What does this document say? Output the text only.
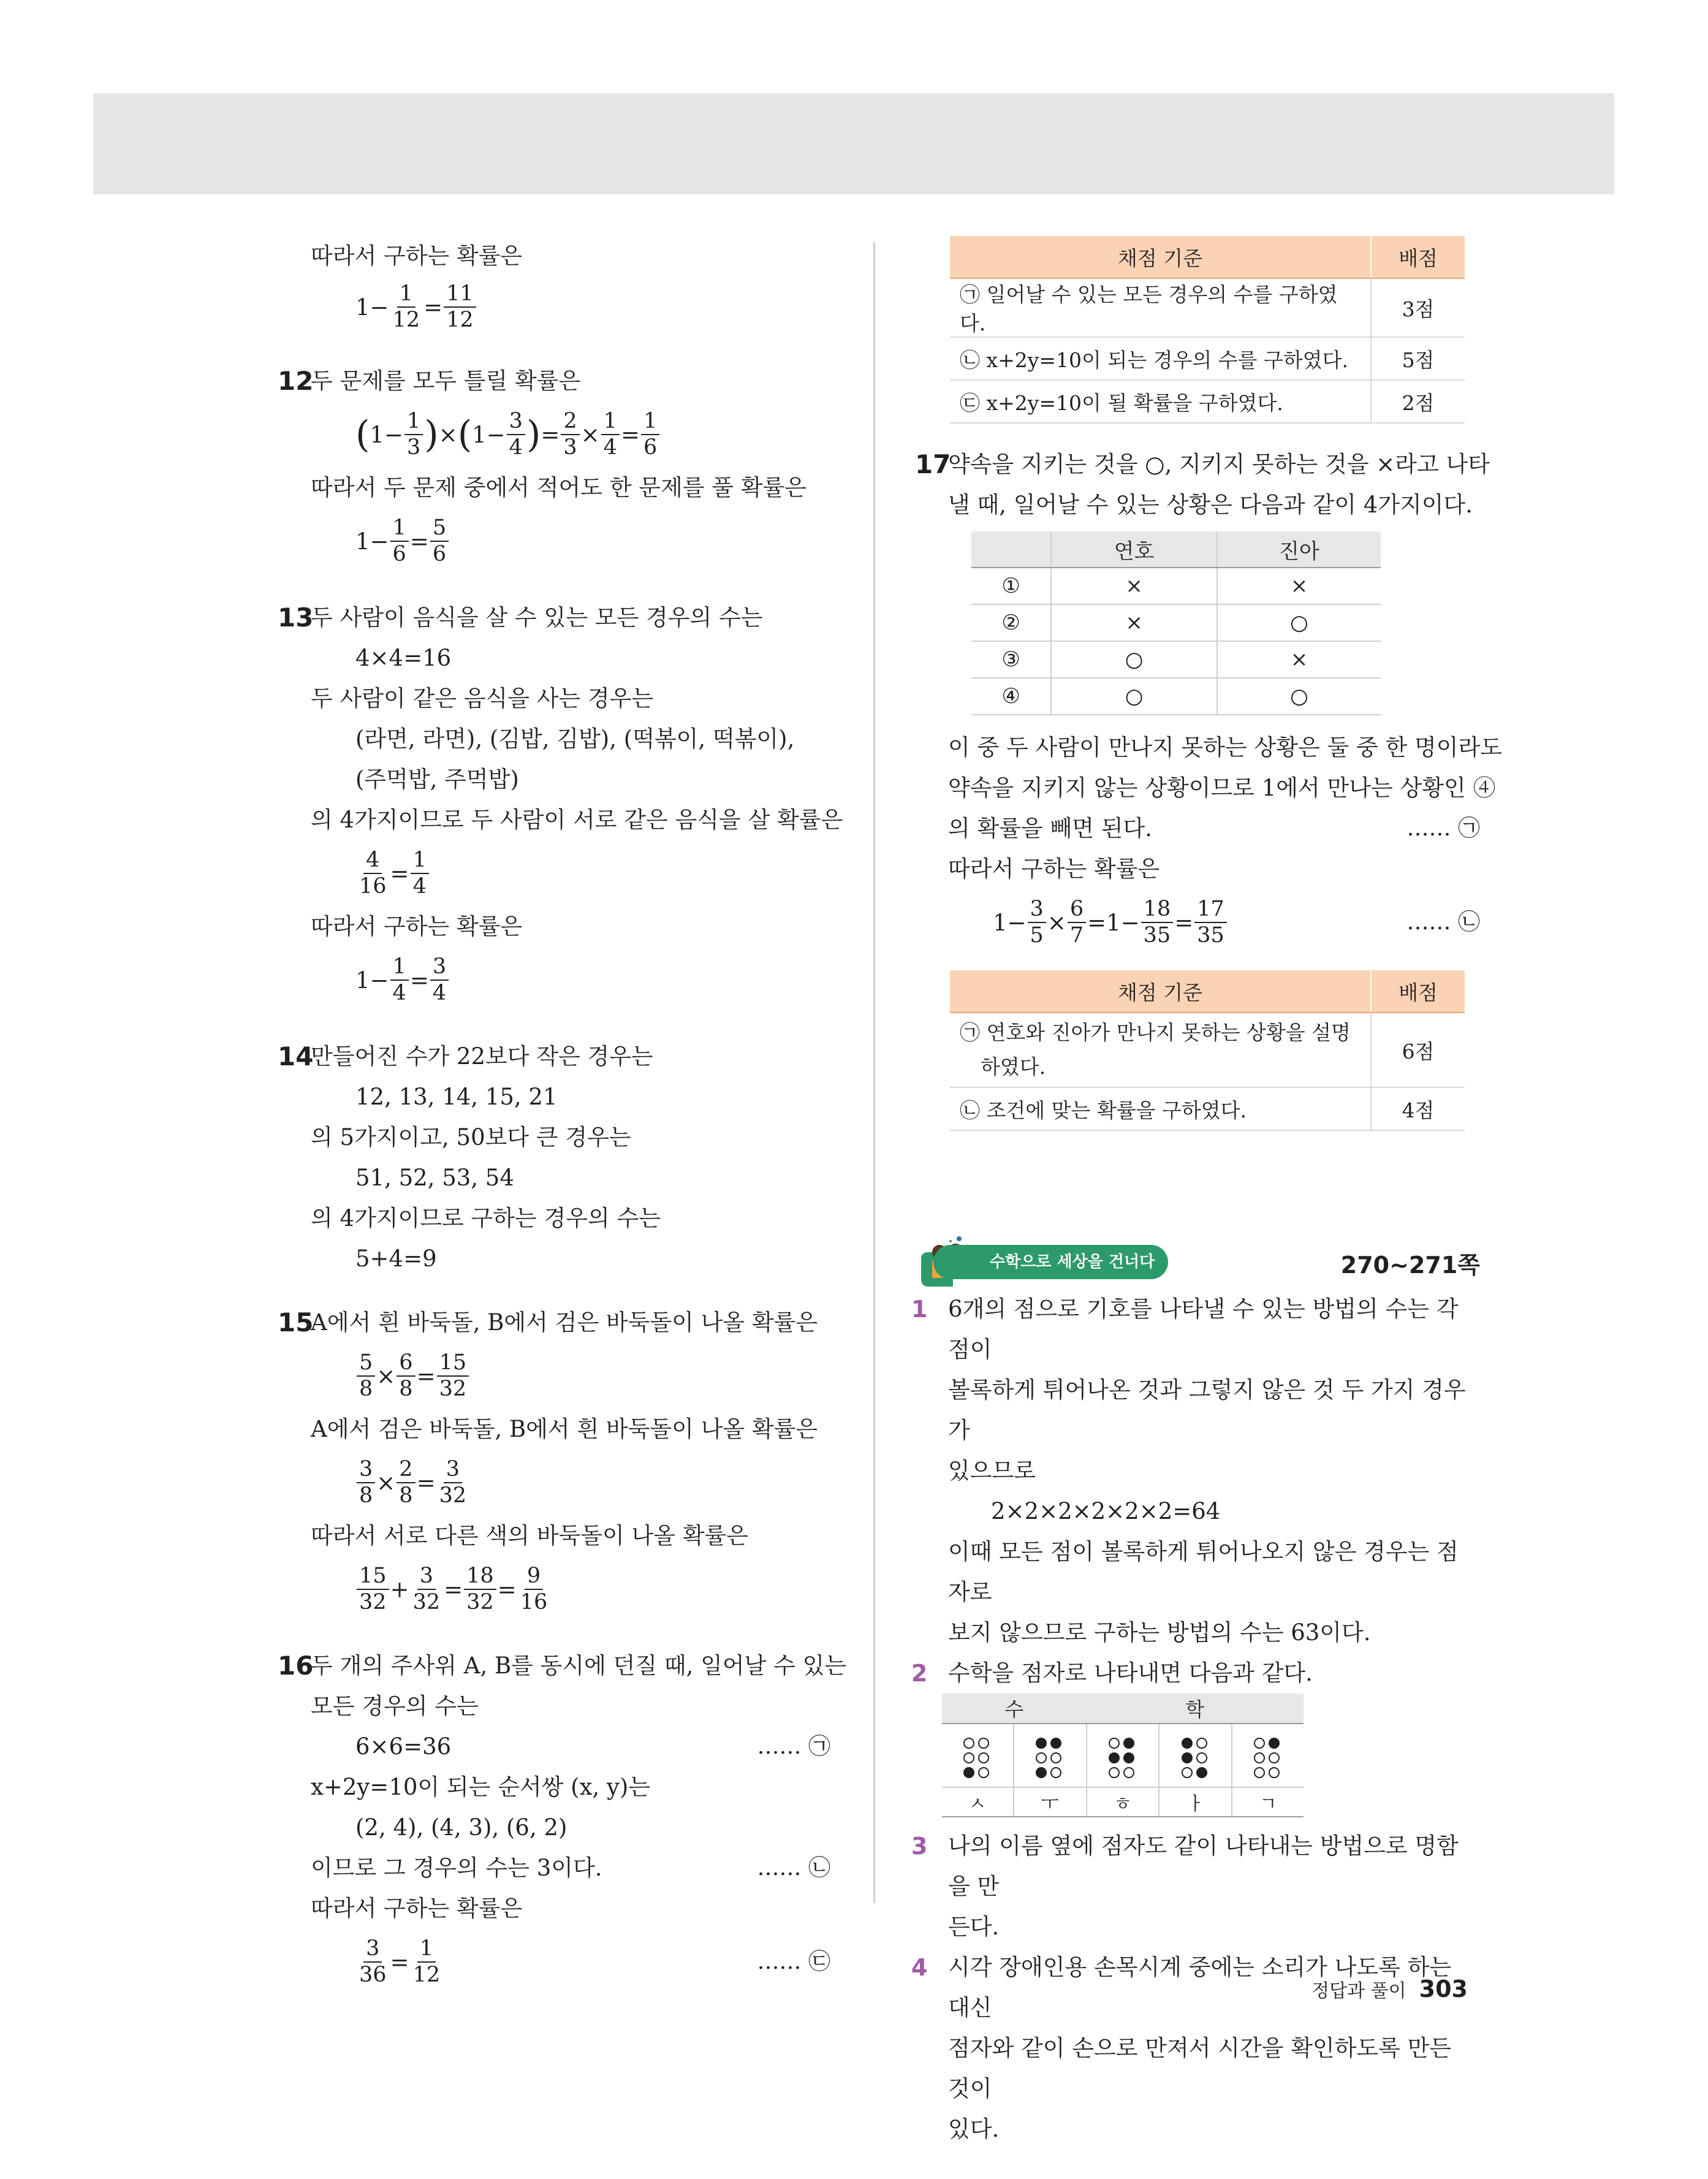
따라서 구하는 확률은
$1- \frac{1}{12} = \frac{11}{12}$
12
두 문제를 모두 틀릴 확률은
( $1- \frac{1}{3}$ ) × ( $1- \frac{3}{4}$ ) = $\frac{2}{3} \times \frac{1}{4} = \frac{1}{6}$
따라서 두 문제 중에서 적어도 한 문제를 풀 확률은
$1- \frac{1}{6} = \frac{5}{6}$
13
두 사람이 음식을 살 수 있는 모든 경우의 수는
4×4=16
두 사람이 같은 음식을 사는 경우는
(라면, 라면), (김밥, 김밥), (떡볶이, 떡볶이),
(주먹밥, 주먹밥)
의 4가지이므로 두 사람이 서로 같은 음식을 살 확률은
$\frac{4}{16} = \frac{1}{4}$
따라서 구하는 확률은
$1- \frac{1}{4} = \frac{3}{4}$
14
만들어진 수가 22보다 작은 경우는
12, 13, 14, 15, 21
의 5가지이고, 50보다 큰 경우는
51, 52, 53, 54
의 4가지이므로 구하는 경우의 수는
5+4=9
15
A에서 흰 바둑돌, B에서 검은 바둑돌이 나올 확률은
$\frac{5}{8} \times \frac{6}{8} = \frac{15}{32}$
A에서 검은 바둑돌, B에서 흰 바둑돌이 나올 확률은
$\frac{3}{8} \times \frac{2}{8} = \frac{3}{32}$
따라서 서로 다른 색의 바둑돌이 나올 확률은
$\frac{15}{32} + \frac{3}{32} = \frac{18}{32} = \frac{9}{16}$
16
두 개의 주사위 A, B를 동시에 던질 때, 일어날 수 있는
모든 경우의 수는
6×6=36	…… ㉠
x+2y=10이 되는 순서쌍 (x, y)는
(2, 4), (4, 3), (6, 2)
이므로 그 경우의 수는 3이다.	…… ㉡
따라서 구하는 확률은
$\frac{3}{36} = \frac{1}{12}$	…… ㉢
채점 기준	배점
㉠ 일어날 수 있는 모든 경우의 수를 구하였다.	3점
㉡ x+2y=10이 되는 경우의 수를 구하였다.	5점
㉢ x+2y=10이 될 확률을 구하였다.	2점
17
약속을 지키는 것을 ○, 지키지 못하는 것을 ×라고 나타
낼 때, 일어날 수 있는 상황은 다음과 같이 4가지이다.
	연호	진아
①	×	×
②	×	○
③	○	×
④	○	○
이 중 두 사람이 만나지 못하는 상황은 둘 중 한 명이라도
약속을 지키지 않는 상황이므로 1에서 만나는 상황인 ④
의 확률을 빼면 된다.	…… ㉠
따라서 구하는 확률은
$1- \frac{3}{5} \times \frac{6}{7} =1- \frac{18}{35} = \frac{17}{35}$	…… ㉡
채점 기준	배점
㉠ 연호와 진아가 만나지 못하는 상황을 설명
하였다.	6점
㉡ 조건에 맞는 확률을 구하였다.	4점
수학으로 세상을 건너다	270~271쪽
1 6개의 점으로 기호를 나타낼 수 있는 방법의 수는 각 점이
볼록하게 튀어나온 것과 그렇지 않은 것 두 가지 경우가
있으므로
2×2×2×2×2×2=64
이때 모든 점이 볼록하게 튀어나오지 않은 경우는 점자로
보지 않으므로 구하는 방법의 수는 63이다.
2 수학을 점자로 나타내면 다음과 같다.
수		학		

ㅅ	ㅜ	ㅎ	ㅏ	ㄱ
3 나의 이름 옆에 점자도 같이 나타내는 방법으로 명함을 만
든다.
4 시각 장애인용 손목시계 중에는 소리가 나도록 하는 대신
점자와 같이 손으로 만져서 시간을 확인하도록 만든 것이
있다.
정답과 풀이 303
